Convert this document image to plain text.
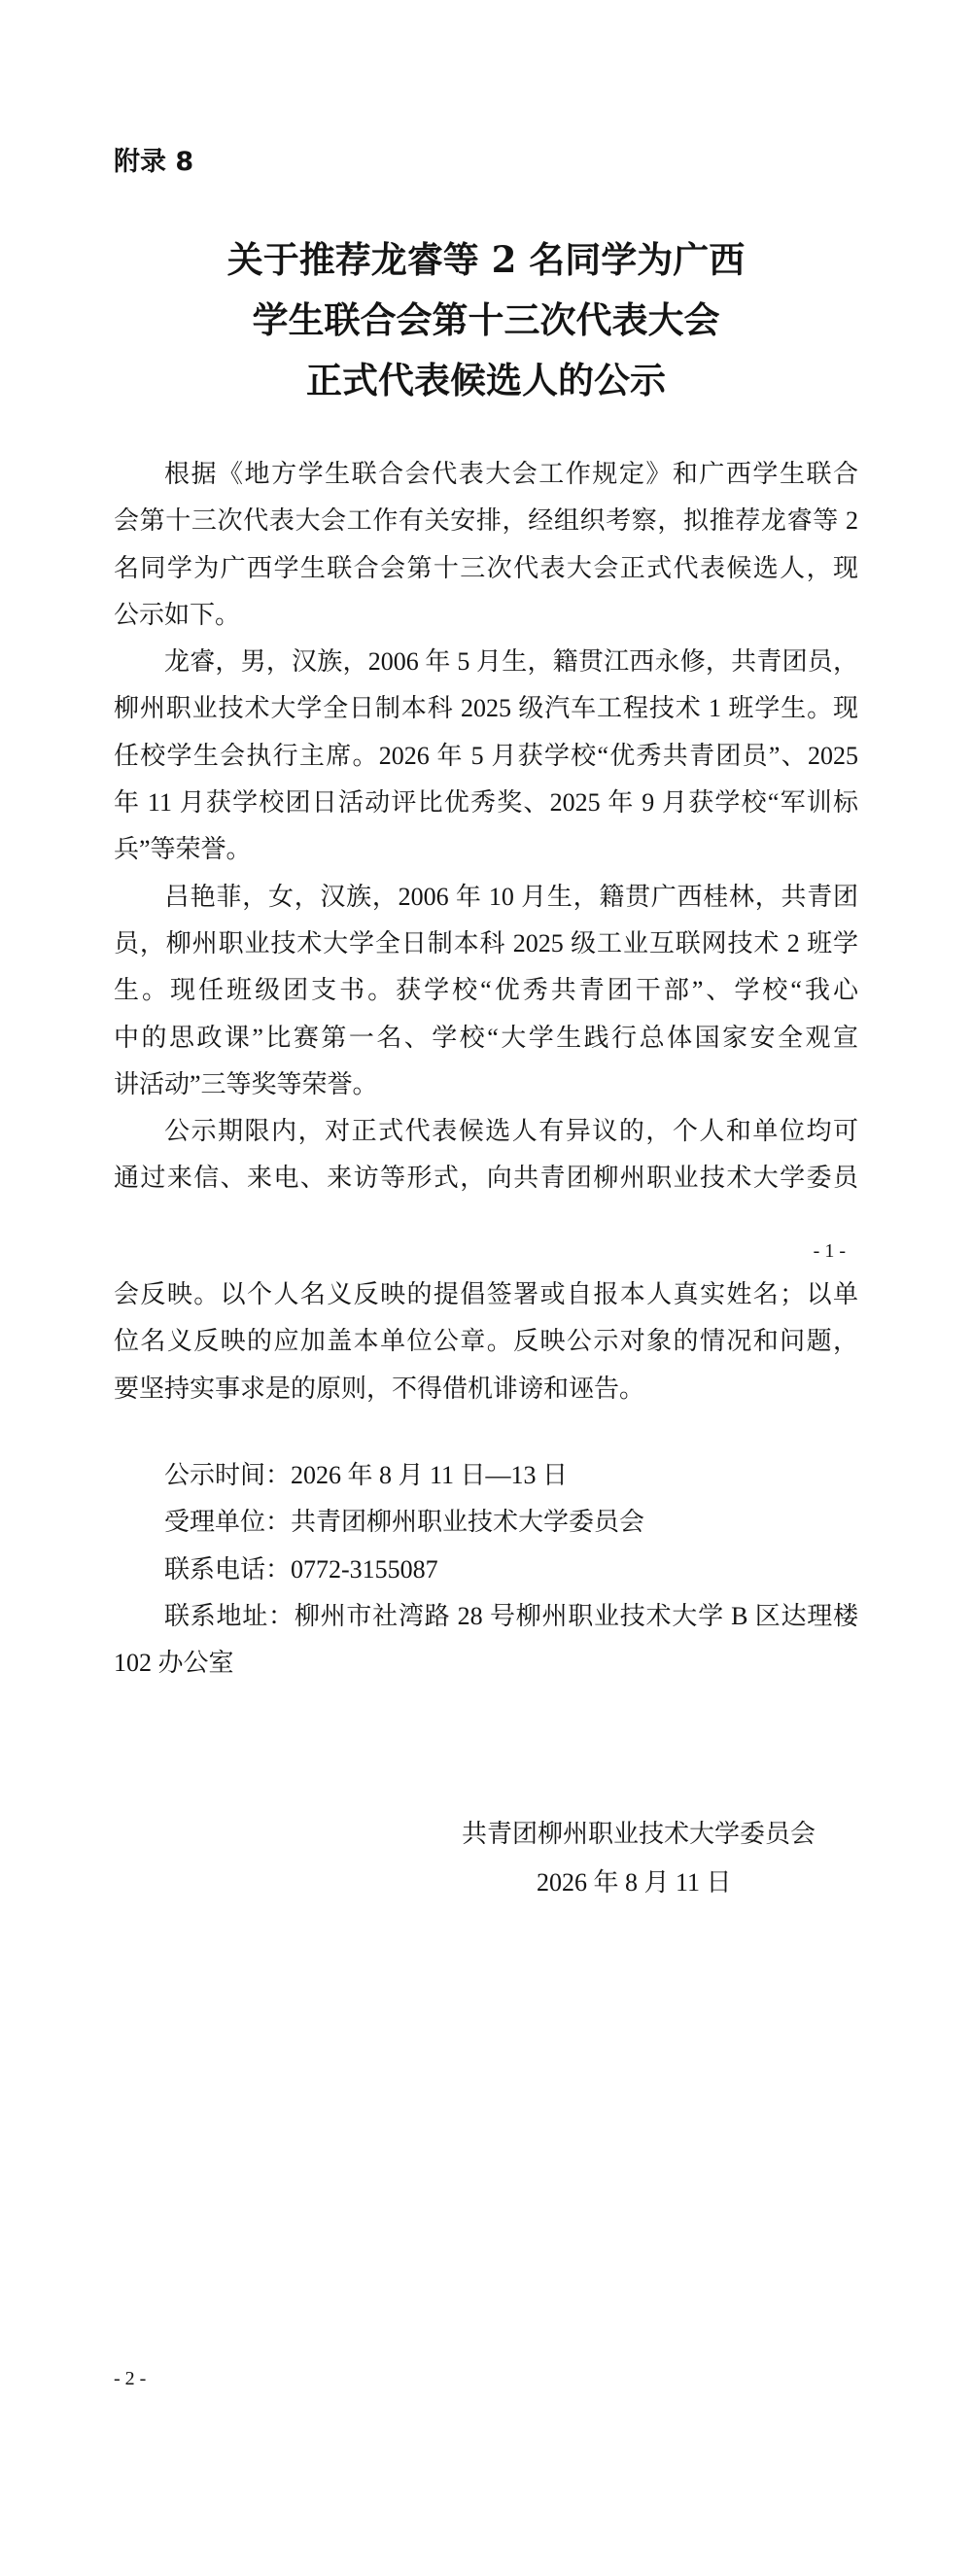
附录 8
关于推荐龙睿等 2 名同学为广西
学生联合会第十三次代表大会
正式代表候选人的公示
根据《地方学生联合会代表大会工作规定》和广西学生联合
会第十三次代表大会工作有关安排，经组织考察，拟推荐龙睿等 2
名同学为广西学生联合会第十三次代表大会正式代表候选人，现
公示如下。
龙睿，男，汉族，2006 年 5 月生，籍贯江西永修，共青团员，
柳州职业技术大学全日制本科 2025 级汽车工程技术 1 班学生。现
任校学生会执行主席。2026 年 5 月获学校“优秀共青团员”、2025
年 11 月获学校团日活动评比优秀奖、2025 年 9 月获学校“军训标
兵”等荣誉。
吕艳菲，女，汉族，2006 年 10 月生，籍贯广西桂林，共青团
员，柳州职业技术大学全日制本科 2025 级工业互联网技术 2 班学
生。现任班级团支书。获学校“优秀共青团干部”、学校“我心
中的思政课”比赛第一名、学校“大学生践行总体国家安全观宣
讲活动”三等奖等荣誉。
公示期限内，对正式代表候选人有异议的，个人和单位均可
通过来信、来电、来访等形式，向共青团柳州职业技术大学委员
- 1 -
会反映。以个人名义反映的提倡签署或自报本人真实姓名；以单
位名义反映的应加盖本单位公章。反映公示对象的情况和问题，
要坚持实事求是的原则，不得借机诽谤和诬告。
公示时间：2026 年 8 月 11 日—13 日
受理单位：共青团柳州职业技术大学委员会
联系电话：0772-3155087
联系地址：柳州市社湾路 28 号柳州职业技术大学 B 区达理楼
102 办公室
共青团柳州职业技术大学委员会
2026 年 8 月 11 日
- 2 -
